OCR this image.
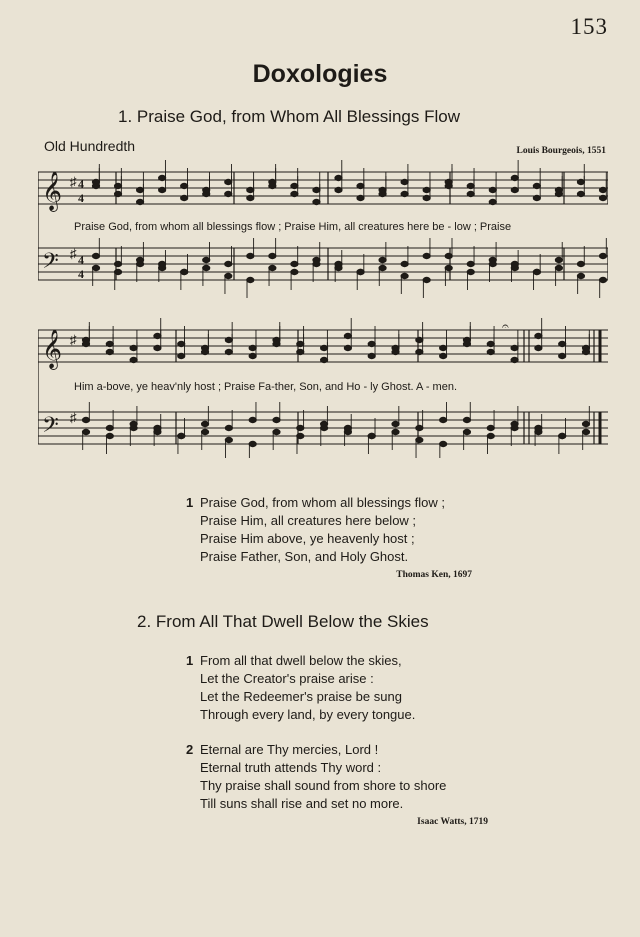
153
Doxologies
1. Praise God, from Whom All Blessings Flow
Old Hundredth	Louis Bourgeois, 1551
𝄞
𝄢
♯
♯
4
4
4
4
Praise God, from whom all blessings flow ; Praise Him, all creatures here be - low ; Praise
𝄞
𝄢
♯
♯
𝄐
Him a-bove, ye heav'nly host ; Praise Fa-ther, Son, and Ho - ly Ghost. A - men.
1 Praise God, from whom all blessings flow ;
Praise Him, all creatures here below ;
Praise Him above, ye heavenly host ;
Praise Father, Son, and Holy Ghost.
Thomas Ken, 1697
2. From All That Dwell Below the Skies
1 From all that dwell below the skies,
Let the Creator's praise arise :
Let the Redeemer's praise be sung
Through every land, by every tongue.
2 Eternal are Thy mercies, Lord !
Eternal truth attends Thy word :
Thy praise shall sound from shore to shore
Till suns shall rise and set no more.
Isaac Watts, 1719
